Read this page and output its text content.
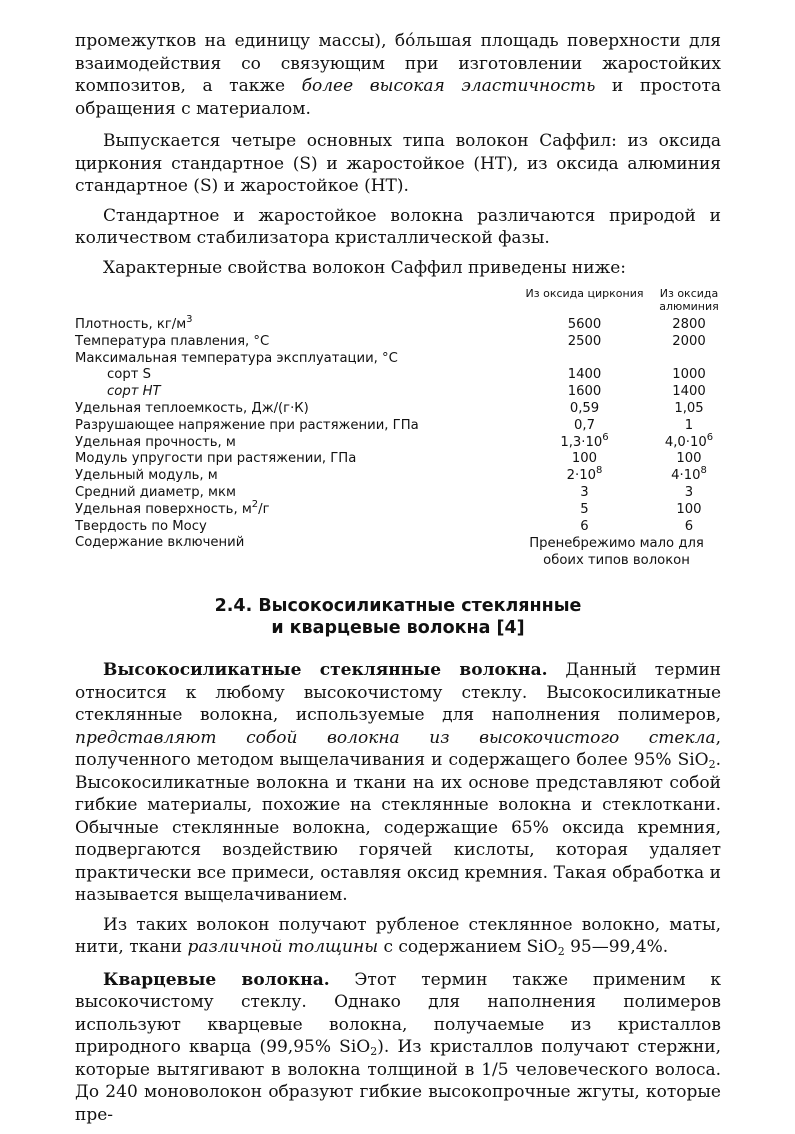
промежутков на единицу массы), бо́льшая площадь поверхности для взаимодействия со связующим при изготовлении жаростойких композитов, а также более высокая эластичность и простота обращения с материалом.

Выпускается четыре основных типа волокон Саффил: из оксида циркония стандартное (S) и жаростойкое (HT), из оксида алюминия стандартное (S) и жаростойкое (HT).

Стандартное и жаростойкое волокна различаются природой и количеством стабилизатора кристаллической фазы.

Характерные свойства волокон Саффил приведены ниже:

	Из оксида циркония	Из оксида алюминия
Плотность, $кг/м^3$	5600	2800
Температура плавления, °С	2500	2000
Максимальная температура эксплуатации, °С		
сорт S	1400	1000
сорт HT	1600	1400
Удельная теплоемкость, Дж/(г·К)	0,59	1,05
Разрушающее напряжение при растяжении, ГПа	0,7	1
Удельная прочность, м	$1,3\cdot 10^6$	$4,0\cdot 10^6$
Модуль упругости при растяжении, ГПа	100	100
Удельный модуль, м	$2\cdot 10^8$	$4\cdot 10^8$
Средний диаметр, мкм	3	3
Удельная поверхность, $м^2/г$	5	100
Твердость по Мосу	6	6
Содержание включений	Пренебрежимо мало для обоих типов волокон	
2.4. Высокосиликатные стеклянные
и кварцевые волокна [4]

Высокосиликатные стеклянные волокна. Данный термин относится к любому высокочистому стеклу. Высокосиликатные стеклянные волокна, используемые для наполнения полимеров, представляют собой волокна из высокочистого стекла, полученного методом выщелачивания и содержащего более 95% SiO$_2$. Высокосиликатные волокна и ткани на их основе представляют собой гибкие материалы, похожие на стеклянные волокна и стеклоткани. Обычные стеклянные волокна, содержащие 65% оксида кремния, подвергаются воздействию горячей кислоты, которая удаляет практически все примеси, оставляя оксид кремния. Такая обработка и называется выщелачиванием.

Из таких волокон получают рубленое стеклянное волокно, маты, нити, ткани различной толщины с содержанием SiO$_2$ 95—99,4%.

Кварцевые волокна. Этот термин также применим к высокочистому стеклу. Однако для наполнения полимеров используют кварцевые волокна, получаемые из кристаллов природного кварца (99,95% SiO$_2$). Из кристаллов получают стержни, которые вытягивают в волокна толщиной в 1/5 человеческого волоса. До 240 моноволокон образуют гибкие высокопрочные жгуты, которые пре-
